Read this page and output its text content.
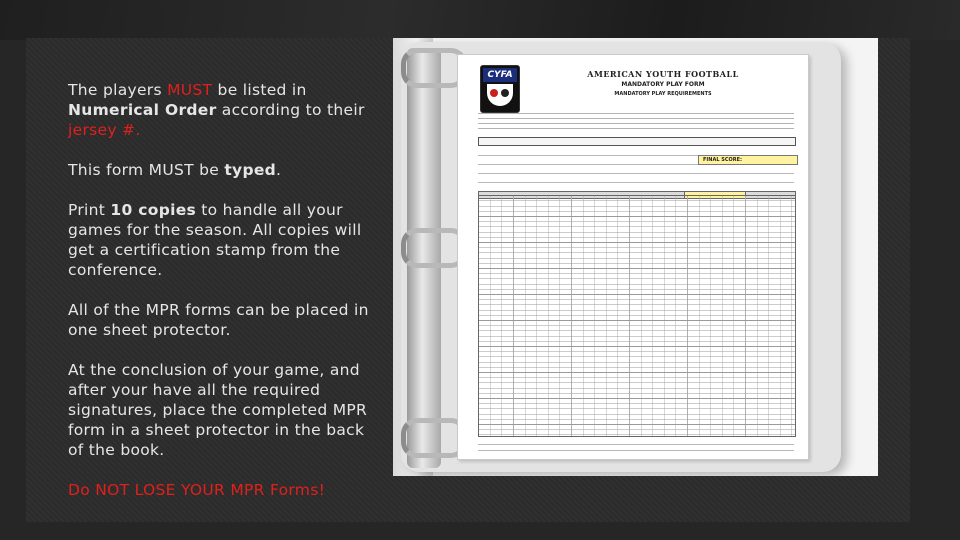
The players MUST be listed in Numerical Order according to their jersey #.
This form MUST be typed.
Print 10 copies to handle all your games for the season. All copies will get a certification stamp from the conference.
All of the MPR forms can be placed in one sheet protector.
At the conclusion of your game, and after your have all the required signatures, place the completed MPR form in a sheet protector in the back of the book.
Do NOT LOSE YOUR MPR Forms!
CYFA	AMERICAN YOUTH FOOTBALL
MANDATORY PLAY FORM
MANDATORY PLAY REQUIREMENTS
FINAL SCORE:
